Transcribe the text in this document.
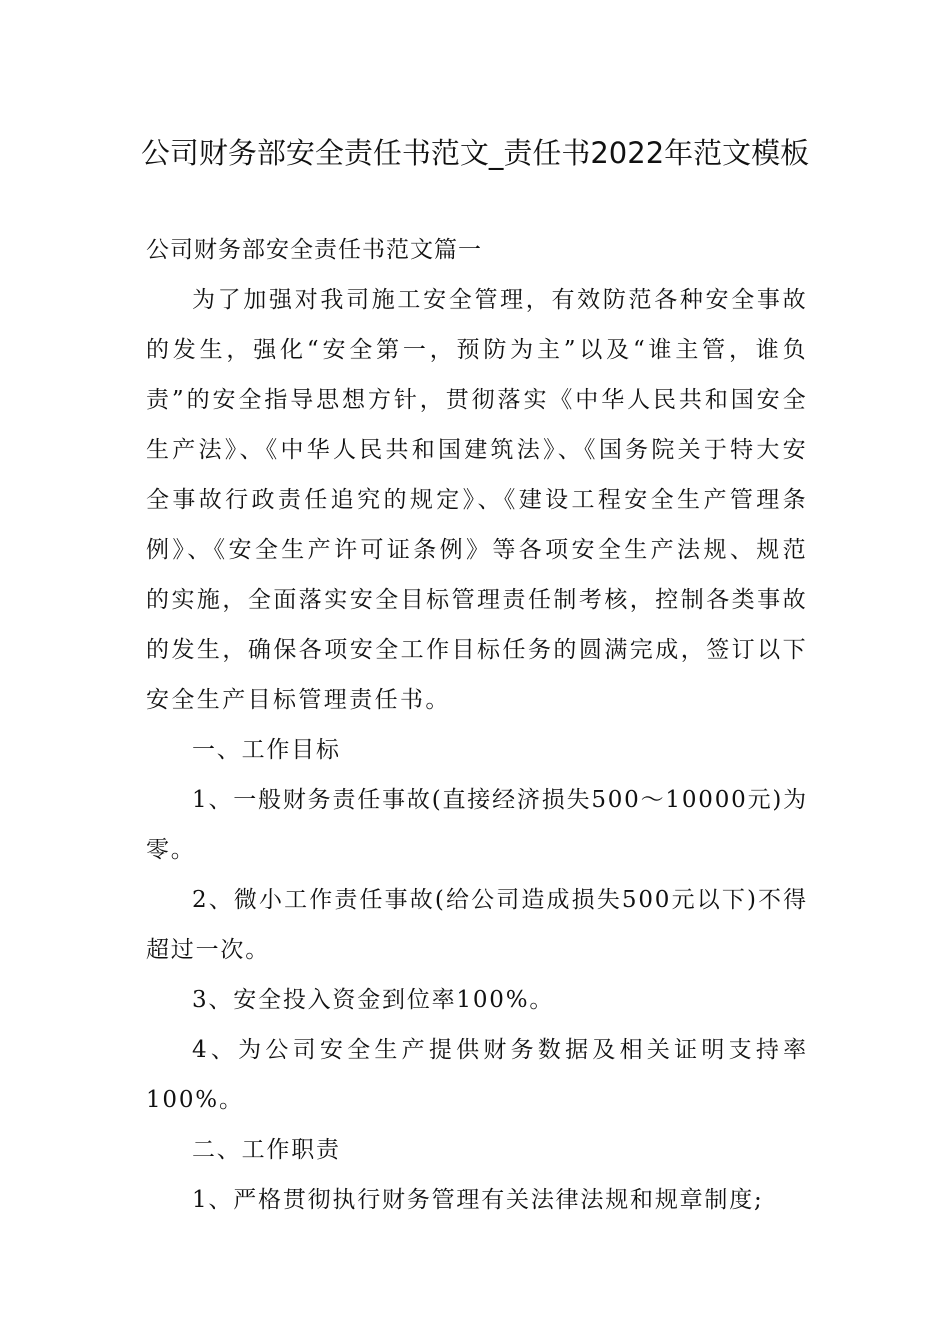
公司财务部安全责任书范文_责任书2022年范文模板

公司财务部安全责任书范文篇一

为了加强对我司施工安全管理，有效防范各种安全事故的发生，强化“安全第一，预防为主”以及“谁主管，谁负责”的安全指导思想方针，贯彻落实《中华人民共和国安全生产法》、《中华人民共和国建筑法》、《国务院关于特大安全事故行政责任追究的规定》、《建设工程安全生产管理条例》、《安全生产许可证条例》等各项安全生产法规、规范的实施，全面落实安全目标管理责任制考核，控制各类事故的发生，确保各项安全工作目标任务的圆满完成，签订以下安全生产目标管理责任书。

一、工作目标

1、一般财务责任事故(直接经济损失500～10000元)为零。

2、微小工作责任事故(给公司造成损失500元以下)不得超过一次。

3、安全投入资金到位率100%。

4、为公司安全生产提供财务数据及相关证明支持率100%。

二、工作职责

1、严格贯彻执行财务管理有关法律法规和规章制度;
